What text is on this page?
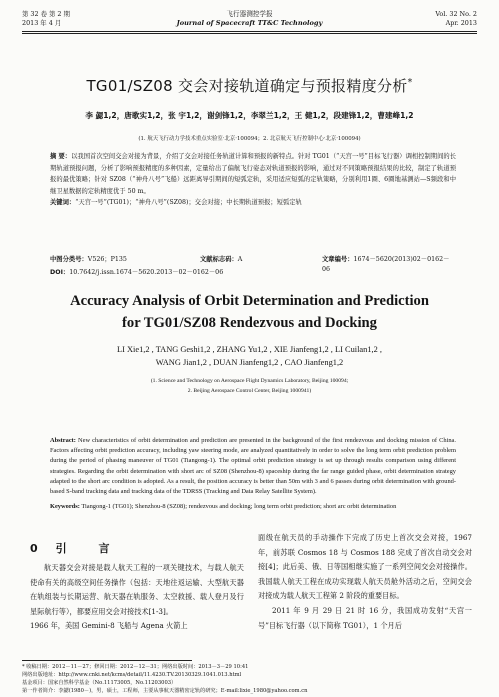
第 32 卷 第 2 期
2013 年 4 月
飞行器测控学报
Journal of Spacecraft TT&C Technology
Vol. 32 No. 2
Apr. 2013
TG01/SZ08 交会对接轨道确定与预报精度分析*
李 勰1,2，唐歌实1,2，张 宇1,2，谢剑锋1,2，李翠兰1,2，王 健1,2，段建锋1,2，曹建峰1,2
(1. 航天飞行动力学技术重点实验室·北京·100094；2. 北京航天飞行控制中心·北京·100094)
摘 要：以我国首次空间交会对接为背景，介绍了交会对接任务轨道计算和预报的新特点。针对 TG01（“天宫一号”目标飞行器）调相控制期间的长期轨道预报问题，分析了影响预报精度的多种因素，定量给出了偏航飞行姿态对轨道预报的影响，通过对不同策略预报结果的比较，制定了轨道预报的最优策略；针对 SZ08（“神舟八号”飞船）远距离导引期间的短弧定轨，采用适应短弧的定轨策略，分别利用1圈、6圈地基测站—S频段和中继卫星数据的定轨精度优于 50 m。
关键词：“天宫一号”(TG01)；“神舟八号”(SZ08)；交会对接；中长期轨道预报；短弧定轨
中图分类号：V526；P135	文献标志码：A	文章编号：1674－5620(2013)02－0162－06
DOI：10.7642/j.issn.1674－5620.2013－02－0162－06
Accuracy Analysis of Orbit Determination and Prediction
for TG01/SZ08 Rendezvous and Docking
LI Xie1,2 , TANG Geshi1,2 , ZHANG Yu1,2 , XIE Jianfeng1,2 , LI Cuilan1,2 ,
WANG Jian1,2 , DUAN Jianfeng1,2 , CAO Jianfeng1,2
(1. Science and Technology on Aerospace Flight Dynamics Laboratory, Beijing 100094;
2. Beijing Aerospace Control Center, Beijing 1000941)
Abstract: New characteristics of orbit determination and prediction are presented in the background of the first rendezvous and docking mission of China. Factors affecting orbit prediction accuracy, including yaw steering mode, are analyzed quantitatively in order to solve the long term orbit prediction problem during the period of phasing maneuver of TG01 (Tiangong-1). The optimal orbit prediction strategy is set up through results comparison using different strategies. Regarding the orbit determination with short arc of SZ08 (Shenzhou-8) spaceship during the far range guided phase, orbit determination strategy adapted to the short arc condition is adopted. As a result, the position accuracy is better than 50m with 3 and 6 passes during orbit determination with ground-based S-band tracking data and tracking data of the TDRSS (Tracking and Data Relay Satellite System).
Keywords: Tiangong-1 (TG01); Shenzhou-8 (SZ08); rendezvous and docking; long term orbit prediction; short arc orbit determination
0引 言
航天器交会对接是载人航天工程的一项关键技术，与载人航天使命有关的高级空间任务操作（包括：天地往返运输、大型航天器在轨组装与长期运营、航天器在轨服务、太空救援、载人登月及行星际航行等），都要应用交会对接技术[1-3]。
1966 年，美国 Gemini-8 飞船与 Agena 火箭上
面级在航天员的手动操作下完成了历史上首次交会对接，1967 年，前苏联 Cosmos 18 与 Cosmos 188 完成了首次自动交会对接[4]；此后美、俄、日等国相继实施了一系列空间交会对接操作。我国载人航天工程在成功实现载人航天员舱外活动之后，空间交会对接成为载人航天工程第 2 阶段的重要目标。
2011 年 9 月 29 日 21 时 16 分，我国成功发射“天宫一号”目标飞行器（以下简称 TG01），1 个月后
* 收稿日期：2012－11－27；修回日期：2012－12－31；网络出版时间：2013－3－29 10:41
网络出版地址：http://www.cnki.net/kcms/detail/11.4230.TV.20130329.1041.013.html
基金项目：国家自然科学基金（No.11173005，No.11203003）
第一作者简介：李勰(1980－)，男，硕士，工程师，主要从事航天器精密定轨的研究；E-mail:lixie_1980@yahoo.com.cn
